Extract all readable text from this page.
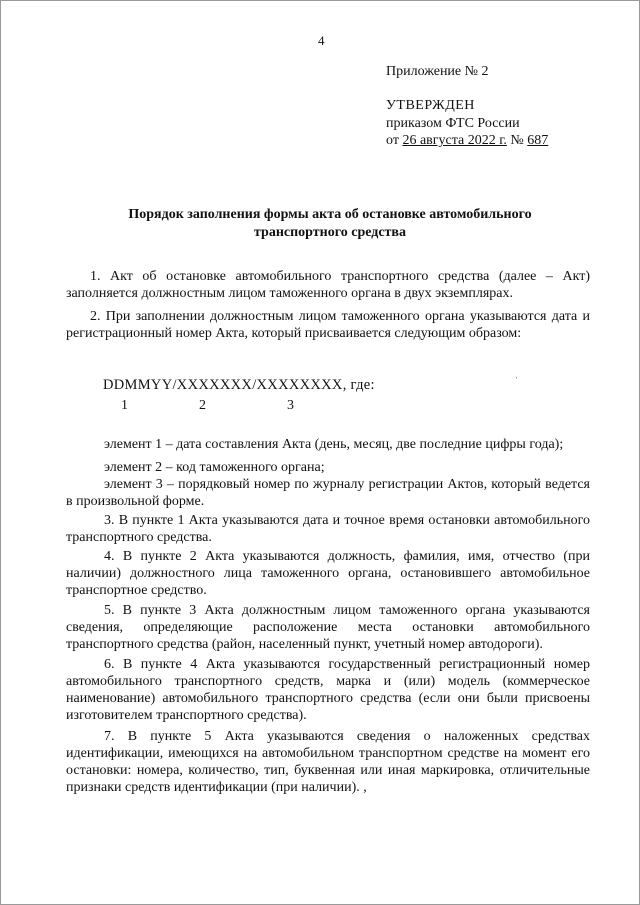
4
Приложение № 2
УТВЕРЖДЕН
приказом ФТС России
от 26 августа 2022 г. № 687
Порядок заполнения формы акта об остановке автомобильного
транспортного средства
1. Акт об остановке автомобильного транспортного средства (далее – Акт) заполняется должностным лицом таможенного органа в двух экземплярах.
2. При заполнении должностным лицом таможенного органа указываются дата и регистрационный номер Акта, который присваивается следующим образом:
DDMMYY/XXXXXXX/XXXXXXXX, где:
ˌ
1	2	3
элемент 1 – дата составления Акта (день, месяц, две последние цифры года);
элемент 2 – код таможенного органа;
элемент 3 – порядковый номер по журналу регистрации Актов, который ведется в произвольной форме.
3. В пункте 1 Акта указываются дата и точное время остановки автомобильного транспортного средства.
4. В пункте 2 Акта указываются должность, фамилия, имя, отчество (при наличии) должностного лица таможенного органа, остановившего автомобильное транспортное средство.
5. В пункте 3 Акта должностным лицом таможенного органа указываются сведения, определяющие расположение места остановки автомобильного транспортного средства (район, населенный пункт, учетный номер автодороги).
6. В пункте 4 Акта указываются государственный регистрационный номер автомобильного транспортного средств, марка и (или) модель (коммерческое наименование) автомобильного транспортного средства (если они были присвоены изготовителем транспортного средства).
7. В пункте 5 Акта указываются сведения о наложенных средствах идентификации, имеющихся на автомобильном транспортном средстве на момент его остановки: номера, количество, тип, буквенная или иная маркировка, отличительные признаки средств идентификации (при наличии). ,
